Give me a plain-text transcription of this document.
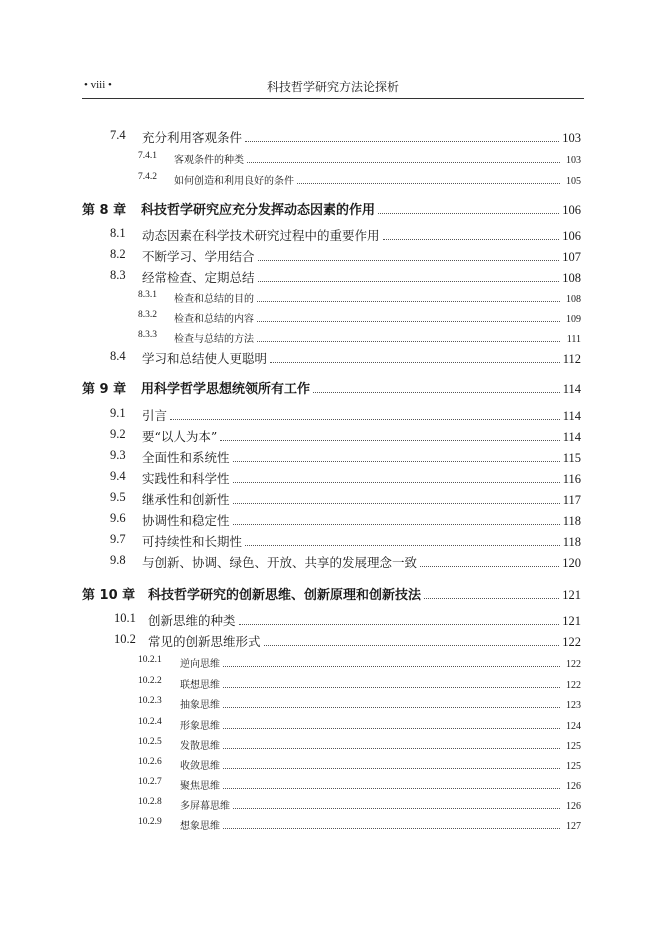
• viii •	科技哲学研究方法论探析
7.4 充分利用客观条件	103
7.4.1 客观条件的种类	103
7.4.2 如何创造和利用良好的条件	105
第 8 章 科技哲学研究应充分发挥动态因素的作用	106
8.1 动态因素在科学技术研究过程中的重要作用	106
8.2 不断学习、学用结合	107
8.3 经常检查、定期总结	108
8.3.1 检查和总结的目的	108
8.3.2 检查和总结的内容	109
8.3.3 检查与总结的方法	111
8.4 学习和总结使人更聪明	112
第 9 章 用科学哲学思想统领所有工作	114
9.1 引言	114
9.2 要“以人为本”	114
9.3 全面性和系统性	115
9.4 实践性和科学性	116
9.5 继承性和创新性	117
9.6 协调性和稳定性	118
9.7 可持续性和长期性	118
9.8 与创新、协调、绿色、开放、共享的发展理念一致	120
第 10 章 科技哲学研究的创新思维、创新原理和创新技法	121
10.1 创新思维的种类	121
10.2 常见的创新思维形式	122
10.2.1 逆向思维	122
10.2.2 联想思维	122
10.2.3 抽象思维	123
10.2.4 形象思维	124
10.2.5 发散思维	125
10.2.6 收敛思维	125
10.2.7 聚焦思维	126
10.2.8 多屏幕思维	126
10.2.9 想象思维	127
